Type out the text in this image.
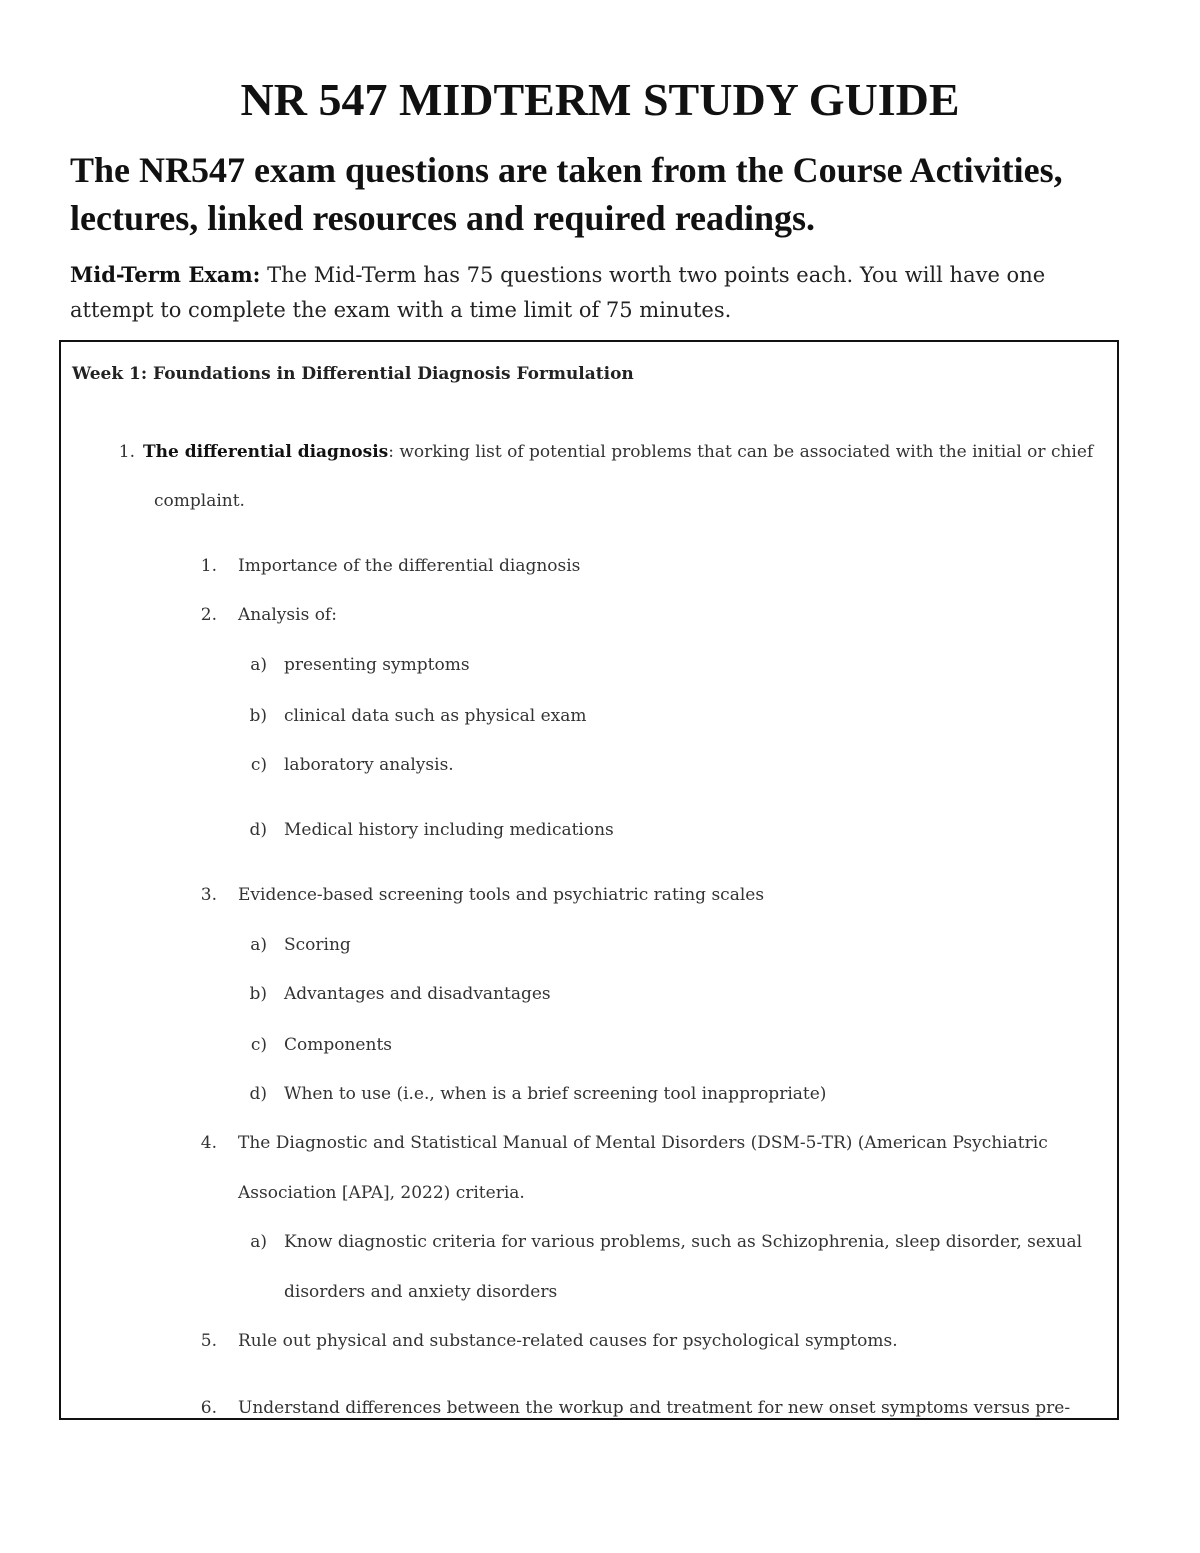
NR 547 MIDTERM STUDY GUIDE
The NR547 exam questions are taken from the Course Activities, lectures, linked resources and required readings.
Mid-Term Exam: The Mid-Term has 75 questions worth two points each. You will have one attempt to complete the exam with a time limit of 75 minutes.
Week 1: Foundations in Differential Diagnosis Formulation
1. The differential diagnosis: working list of potential problems that can be associated with the initial or chief
complaint.
1. Importance of the differential diagnosis
2. Analysis of:
a) presenting symptoms
b) clinical data such as physical exam
c) laboratory analysis.
d) Medical history including medications
3. Evidence-based screening tools and psychiatric rating scales
a) Scoring
b) Advantages and disadvantages
c) Components
d) When to use (i.e., when is a brief screening tool inappropriate)
4. The Diagnostic and Statistical Manual of Mental Disorders (DSM-5-TR) (American Psychiatric
Association [APA], 2022) criteria.
a) Know diagnostic criteria for various problems, such as Schizophrenia, sleep disorder, sexual
disorders and anxiety disorders
5. Rule out physical and substance-related causes for psychological symptoms.
6. Understand differences between the workup and treatment for new onset symptoms versus pre-
